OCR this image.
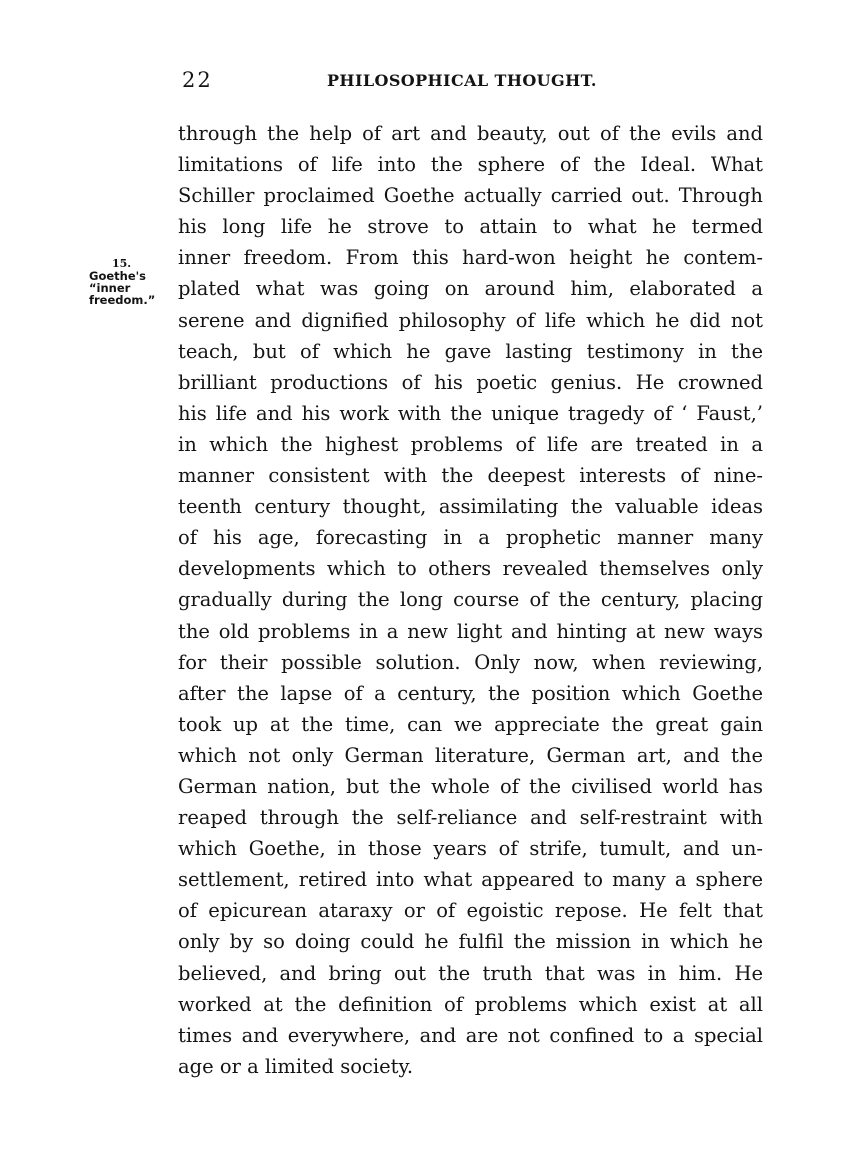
22	PHILOSOPHICAL THOUGHT.
15.
Goethe's
“inner
freedom.”
through the help of art and beauty, out of the evils and
limitations of life into the sphere of the Ideal. What
Schiller proclaimed Goethe actually carried out. Through
his long life he strove to attain to what he termed
inner freedom. From this hard-won height he contem-
plated what was going on around him, elaborated a
serene and dignified philosophy of life which he did not
teach, but of which he gave lasting testimony in the
brilliant productions of his poetic genius. He crowned
his life and his work with the unique tragedy of ‘ Faust,’
in which the highest problems of life are treated in a
manner consistent with the deepest interests of nine-
teenth century thought, assimilating the valuable ideas
of his age, forecasting in a prophetic manner many
developments which to others revealed themselves only
gradually during the long course of the century, placing
the old problems in a new light and hinting at new ways
for their possible solution. Only now, when reviewing,
after the lapse of a century, the position which Goethe
took up at the time, can we appreciate the great gain
which not only German literature, German art, and the
German nation, but the whole of the civilised world has
reaped through the self-reliance and self-restraint with
which Goethe, in those years of strife, tumult, and un-
settlement, retired into what appeared to many a sphere
of epicurean ataraxy or of egoistic repose. He felt that
only by so doing could he fulfil the mission in which he
believed, and bring out the truth that was in him. He
worked at the definition of problems which exist at all
times and everywhere, and are not confined to a special
age or a limited society.
